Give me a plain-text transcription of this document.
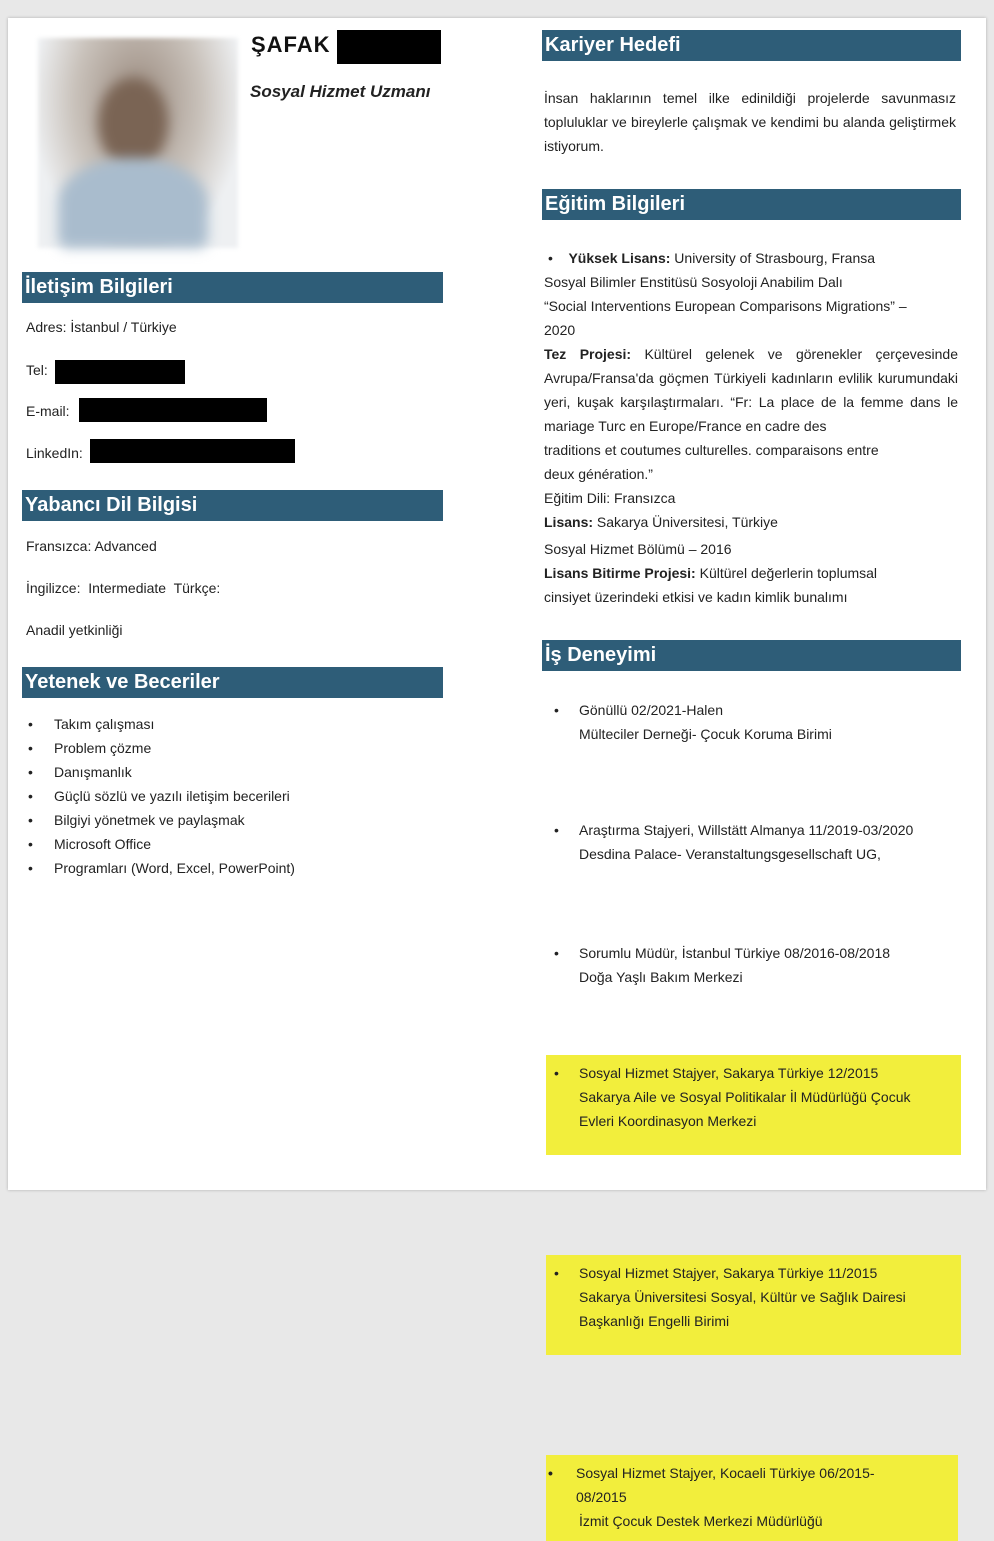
ŞAFAK
Sosyal Hizmet Uzmanı
İletişim Bilgileri
Adres: İstanbul / Türkiye
Tel:
E-mail:
LinkedIn:
Yabancı Dil Bilgisi
Fransızca: Advanced
İngilizce:  Intermediate  Türkçe:
Anadil yetkinliği
Yetenek ve Beceriler
• Takım çalışması
• Problem çözme
• Danışmanlık
• Güçlü sözlü ve yazılı iletişim becerileri
• Bilgiyi yönetmek ve paylaşmak
• Microsoft Office
• Programları (Word, Excel, PowerPoint)
Kariyer Hedefi
İnsan haklarının temel ilke edinildiği projelerde savunmasız topluluklar ve bireylerle çalışmak ve kendimi bu alanda geliştirmek istiyorum.
Eğitim Bilgileri
• Yüksek Lisans: University of Strasbourg, Fransa
Sosyal Bilimler Enstitüsü Sosyoloji Anabilim Dalı
“Social Interventions European Comparisons Migrations” –
2020
Tez Projesi: Kültürel gelenek ve görenekler çerçevesinde Avrupa/Fransa'da göçmen Türkiyeli kadınların evlilik kurumundaki yeri, kuşak karşılaştırmaları. “Fr: La place de la femme dans le mariage Turc en Europe/France en cadre des
traditions et coutumes culturelles. comparaisons entre
deux génération.”
Eğitim Dili: Fransızca
Lisans: Sakarya Üniversitesi, Türkiye
Sosyal Hizmet Bölümü – 2016
Lisans Bitirme Projesi: Kültürel değerlerin toplumsal
cinsiyet üzerindeki etkisi ve kadın kimlik bunalımı
İş Deneyimi
• Gönüllü 02/2021-Halen
Mülteciler Derneği- Çocuk Koruma Birimi
• Araştırma Stajyeri, Willstätt Almanya 11/2019-03/2020
Desdina Palace- Veranstaltungsgesellschaft UG,
• Sorumlu Müdür, İstanbul Türkiye 08/2016-08/2018
Doğa Yaşlı Bakım Merkezi
• Sosyal Hizmet Stajyer, Sakarya Türkiye 12/2015
Sakarya Aile ve Sosyal Politikalar İl Müdürlüğü Çocuk
Evleri Koordinasyon Merkezi
• Sosyal Hizmet Stajyer, Sakarya Türkiye 11/2015
Sakarya Üniversitesi Sosyal, Kültür ve Sağlık Dairesi
Başkanlığı Engelli Birimi
• Sosyal Hizmet Stajyer, Kocaeli Türkiye 06/2015-
08/2015
İzmit Çocuk Destek Merkezi Müdürlüğü
